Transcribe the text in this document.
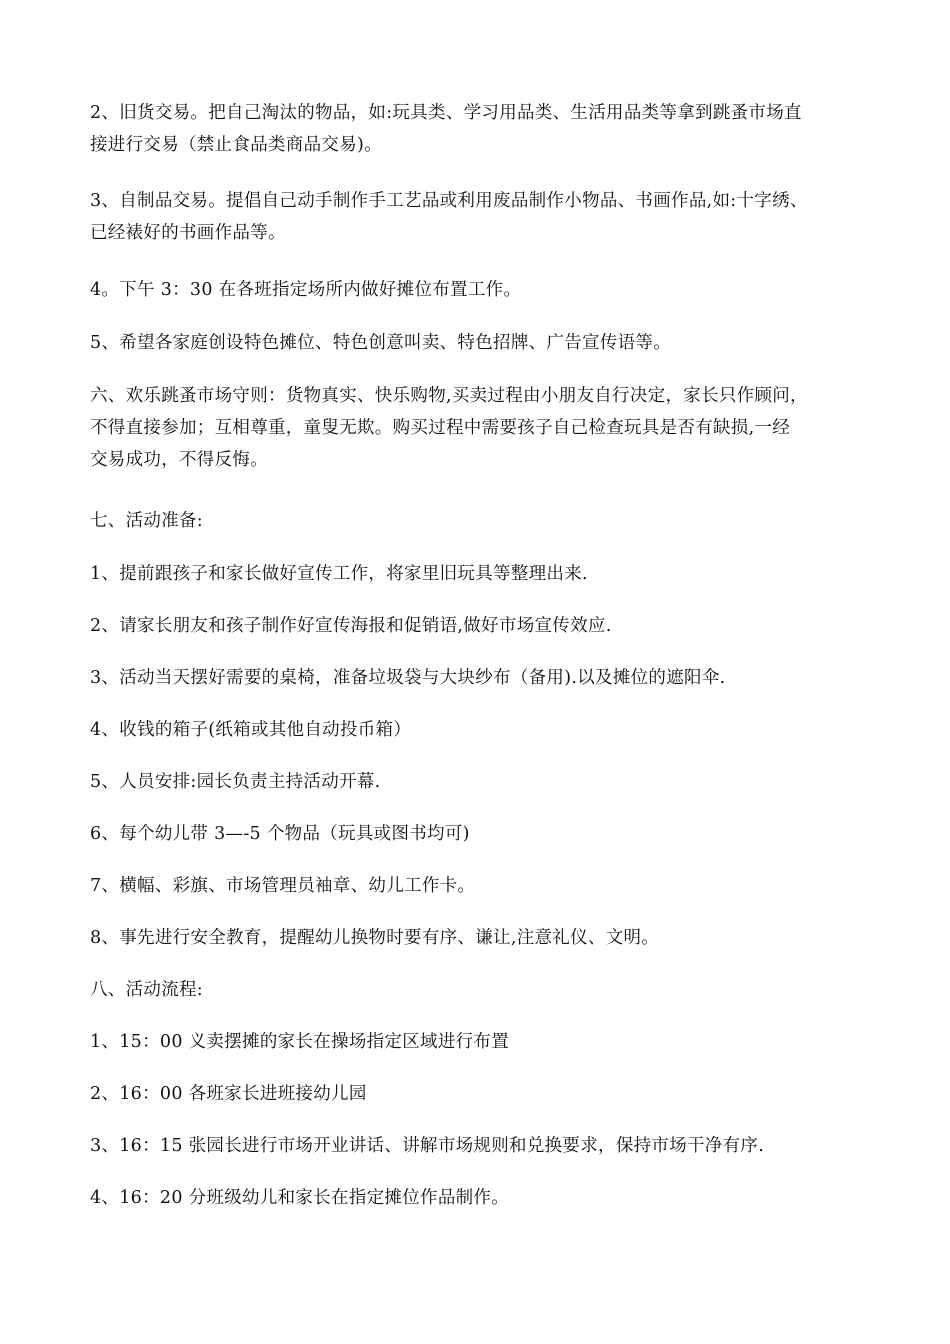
2、旧货交易。把自己淘汰的物品，如:玩具类、学习用品类、生活用品类等拿到跳蚤市场直
接进行交易（禁止食品类商品交易)。

3、自制品交易。提倡自己动手制作手工艺品或利用废品制作小物品、书画作品,如:十字绣、
已经裱好的书画作品等。

4。下午 3：30 在各班指定场所内做好摊位布置工作。

5、希望各家庭创设特色摊位、特色创意叫卖、特色招牌、广告宣传语等。

六、欢乐跳蚤市场守则：货物真实、快乐购物,买卖过程由小朋友自行决定，家长只作顾问，
不得直接参加；互相尊重，童叟无欺。购买过程中需要孩子自己检查玩具是否有缺损,一经
交易成功，不得反悔。

七、活动准备:

1、提前跟孩子和家长做好宣传工作，将家里旧玩具等整理出来.

2、请家长朋友和孩子制作好宣传海报和促销语,做好市场宣传效应.

3、活动当天摆好需要的桌椅，准备垃圾袋与大块纱布（备用).以及摊位的遮阳伞.

4、收钱的箱子(纸箱或其他自动投币箱）

5、人员安排:园长负责主持活动开幕.

6、每个幼儿带 3—-5 个物品（玩具或图书均可)

7、横幅、彩旗、市场管理员袖章、幼儿工作卡。

8、事先进行安全教育，提醒幼儿换物时要有序、谦让,注意礼仪、文明。

八、活动流程:

1、15：00 义卖摆摊的家长在操场指定区域进行布置

2、16：00 各班家长进班接幼儿园

3、16：15 张园长进行市场开业讲话、讲解市场规则和兑换要求，保持市场干净有序.

4、16：20 分班级幼儿和家长在指定摊位作品制作。
